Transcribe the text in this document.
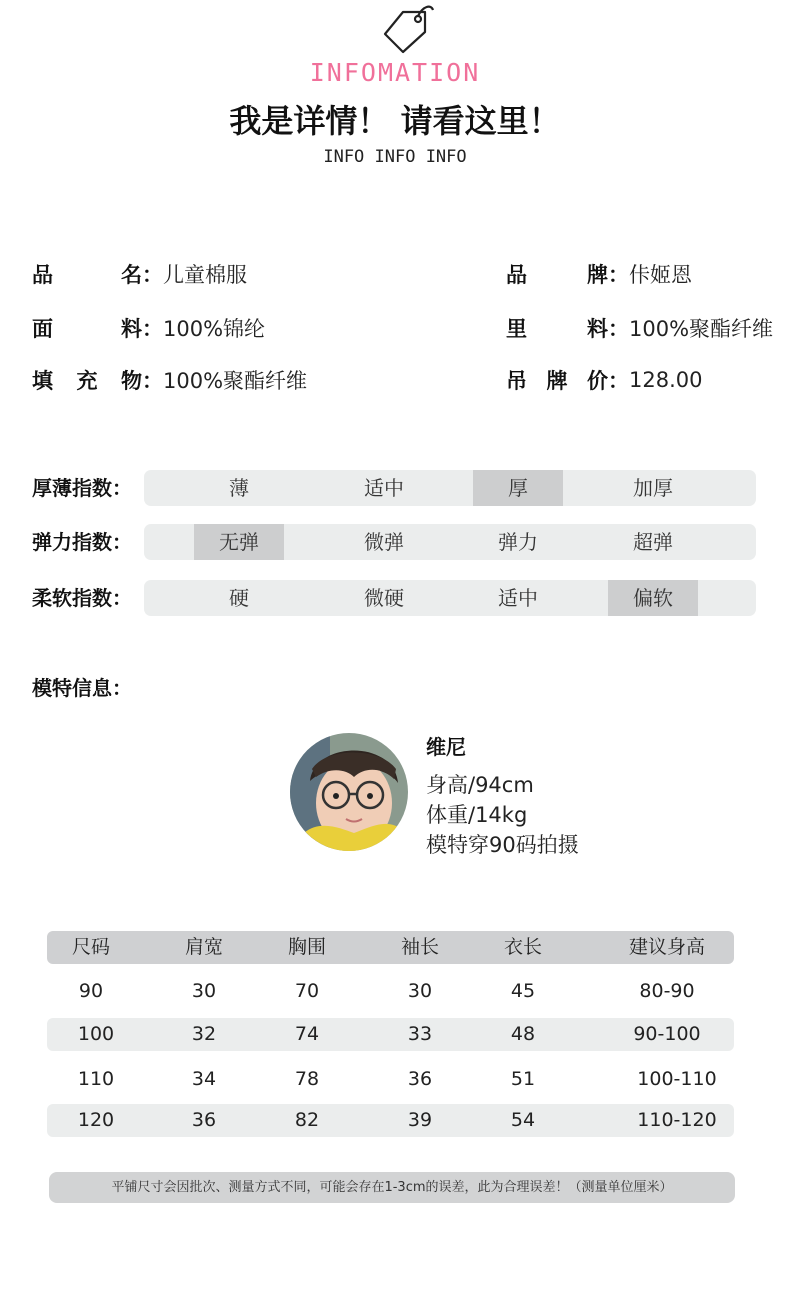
INFOMATION
我是详情！ 请看这里！
INFO INFO INFO
品	名 ： 儿童棉服
面	料 ： 100%锦纶
填 充 物 ： 100%聚酯纤维
品	牌 ： 佧姬恩
里	料 ： 100%聚酯纤维
吊 牌 价 ： 128.00
厚薄指数：	薄	适中	厚	加厚
弹力指数：	无弹	微弹	弹力	超弹
柔软指数：	硬	微硬	适中	偏软
模特信息：
维尼
身高/94cm
体重/14kg
模特穿90码拍摄
尺码	肩宽	胸围	袖长	衣长	建议身高
90	30	70	30	45	80-90
100	32	74	33	48	90-100
110	34	78	36	51	100-110
120	36	82	39	54	110-120
平铺尺寸会因批次、测量方式不同，可能会存在1-3cm的误差，此为合理误差！（测量单位厘米）
